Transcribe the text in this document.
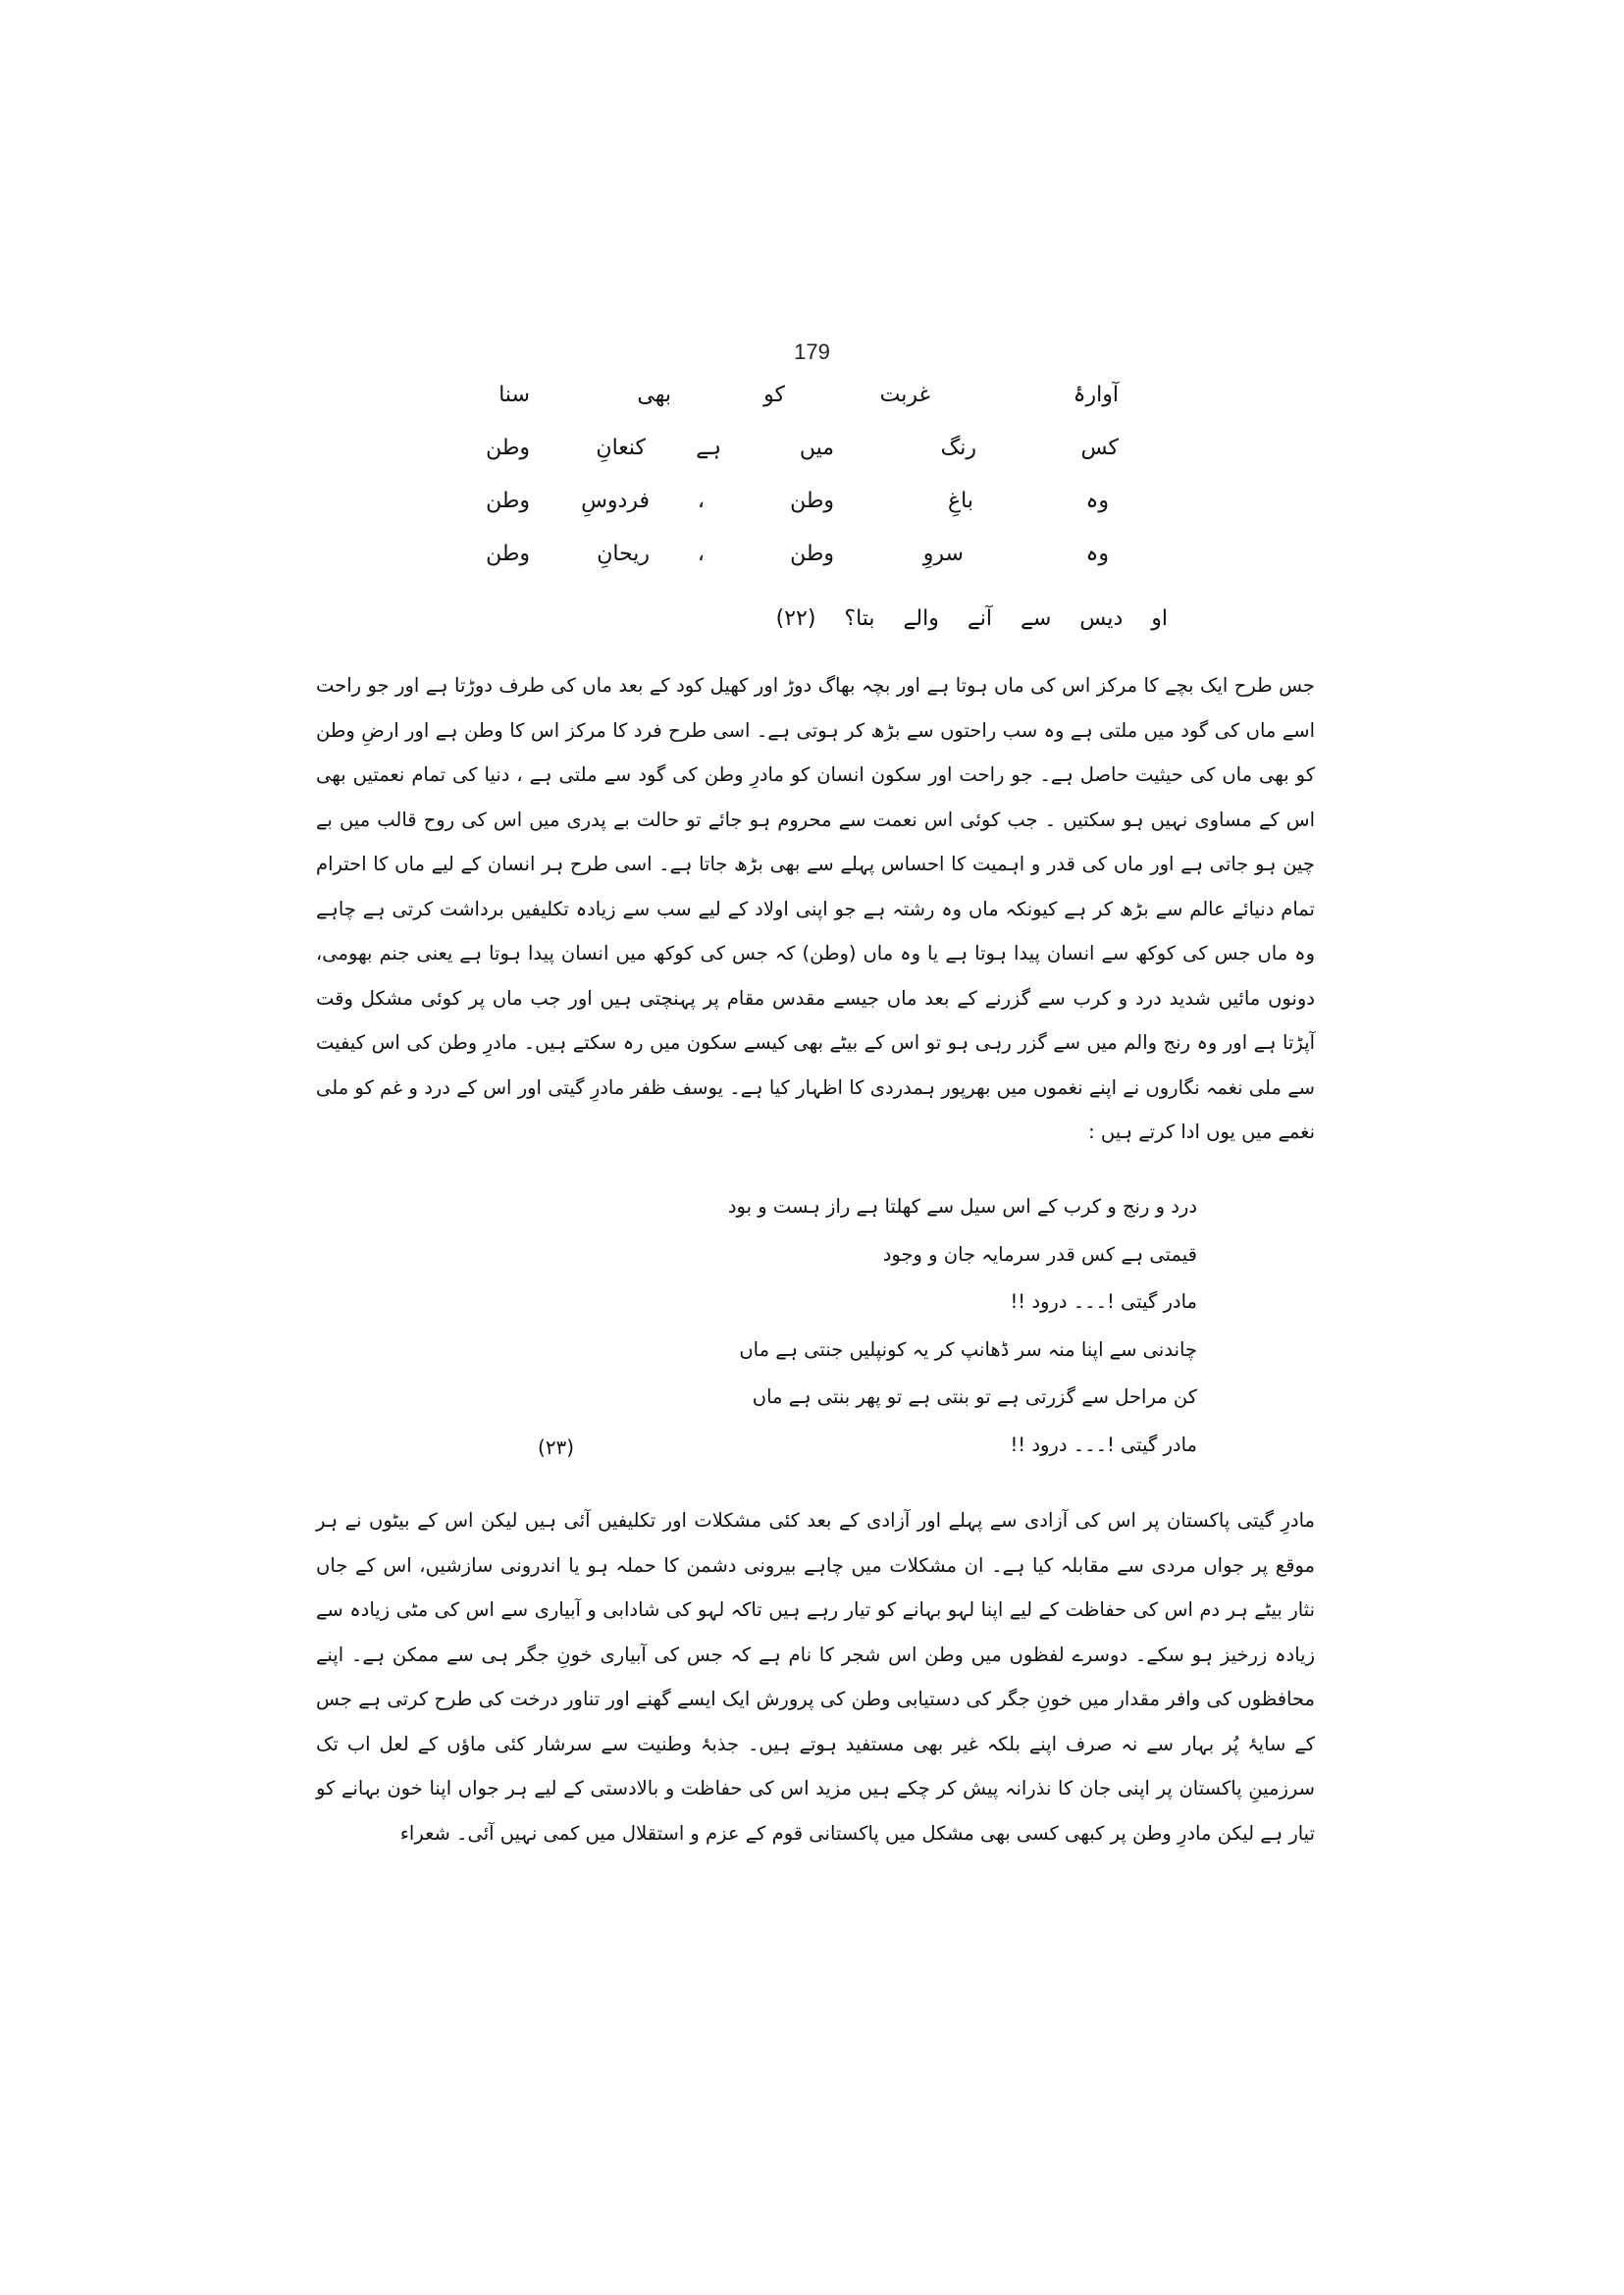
179
آوارۂ
غربت
کو
بھی
سنا
کس
رنگ
میں
ہے
کنعانِ
وطن
وہ
باغِ
وطن
،
فردوسِ
وطن
وہ
سروِ
وطن
،
ریحانِ
وطن
او دیس سے آنے والے بتا؟ (۲۲)
جس طرح ایک بچے کا مرکز اس کی ماں ہوتا ہے اور بچہ بھاگ دوڑ اور کھیل کود کے بعد ماں کی طرف دوڑتا ہے اور جو راحت اسے ماں کی گود میں ملتی ہے وہ سب راحتوں سے بڑھ کر ہوتی ہے۔ اسی طرح فرد کا مرکز اس کا وطن ہے اور ارضِ وطن کو بھی ماں کی حیثیت حاصل ہے۔ جو راحت اور سکون انسان کو مادرِ وطن کی گود سے ملتی ہے ، دنیا کی تمام نعمتیں بھی اس کے مساوی نہیں ہو سکتیں ۔ جب کوئی اس نعمت سے محروم ہو جائے تو حالت بے پدری میں اس کی روح قالب میں بے چین ہو جاتی ہے اور ماں کی قدر و اہمیت کا احساس پہلے سے بھی بڑھ جاتا ہے۔ اسی طرح ہر انسان کے لیے ماں کا احترام تمام دنیائے عالم سے بڑھ کر ہے کیونکہ ماں وہ رشتہ ہے جو اپنی اولاد کے لیے سب سے زیادہ تکلیفیں برداشت کرتی ہے چاہے وہ ماں جس کی کوکھ سے انسان پیدا ہوتا ہے یا وہ ماں (وطن) کہ جس کی کوکھ میں انسان پیدا ہوتا ہے یعنی جنم بھومی، دونوں مائیں شدید درد و کرب سے گزرنے کے بعد ماں جیسے مقدس مقام پر پہنچتی ہیں اور جب ماں پر کوئی مشکل وقت آپڑتا ہے اور وہ رنج والم میں سے گزر رہی ہو تو اس کے بیٹے بھی کیسے سکون میں رہ سکتے ہیں۔ مادرِ وطن کی اس کیفیت سے ملی نغمہ نگاروں نے اپنے نغموں میں بھرپور ہمدردی کا اظہار کیا ہے۔ یوسف ظفر مادرِ گیتی اور اس کے درد و غم کو ملی نغمے میں یوں ادا کرتے ہیں :
درد و رنج و کرب کے اس سیل سے کھلتا ہے راز ہست و بود
قیمتی ہے کس قدر سرمایہ جان و وجود
مادر گیتی !۔۔۔ درود !!
چاندنی سے اپنا منہ سر ڈھانپ کر یہ کونپلیں جنتی ہے ماں
کن مراحل سے گزرتی ہے تو بنتی ہے تو پھر بنتی ہے ماں
مادر گیتی !۔۔۔ درود !!
(۲۳)
مادرِ گیتی پاکستان پر اس کی آزادی سے پہلے اور آزادی کے بعد کئی مشکلات اور تکلیفیں آئی ہیں لیکن اس کے بیٹوں نے ہر موقع پر جواں مردی سے مقابلہ کیا ہے۔ ان مشکلات میں چاہے بیرونی دشمن کا حملہ ہو یا اندرونی سازشیں، اس کے جاں نثار بیٹے ہر دم اس کی حفاظت کے لیے اپنا لہو بہانے کو تیار رہے ہیں تاکہ لہو کی شادابی و آبیاری سے اس کی مٹی زیادہ سے زیادہ زرخیز ہو سکے۔ دوسرے لفظوں میں وطن اس شجر کا نام ہے کہ جس کی آبیاری خونِ جگر ہی سے ممکن ہے۔ اپنے محافظوں کی وافر مقدار میں خونِ جگر کی دستیابی وطن کی پرورش ایک ایسے گھنے اور تناور درخت کی طرح کرتی ہے جس کے سایۂ پُر بہار سے نہ صرف اپنے بلکہ غیر بھی مستفید ہوتے ہیں۔ جذبۂ وطنیت سے سرشار کئی ماؤں کے لعل اب تک سرزمینِ پاکستان پر اپنی جان کا نذرانہ پیش کر چکے ہیں مزید اس کی حفاظت و بالادستی کے لیے ہر جواں اپنا خون بہانے کو تیار ہے لیکن مادرِ وطن پر کبھی کسی بھی مشکل میں پاکستانی قوم کے عزم و استقلال میں کمی نہیں آئی۔ شعراء
